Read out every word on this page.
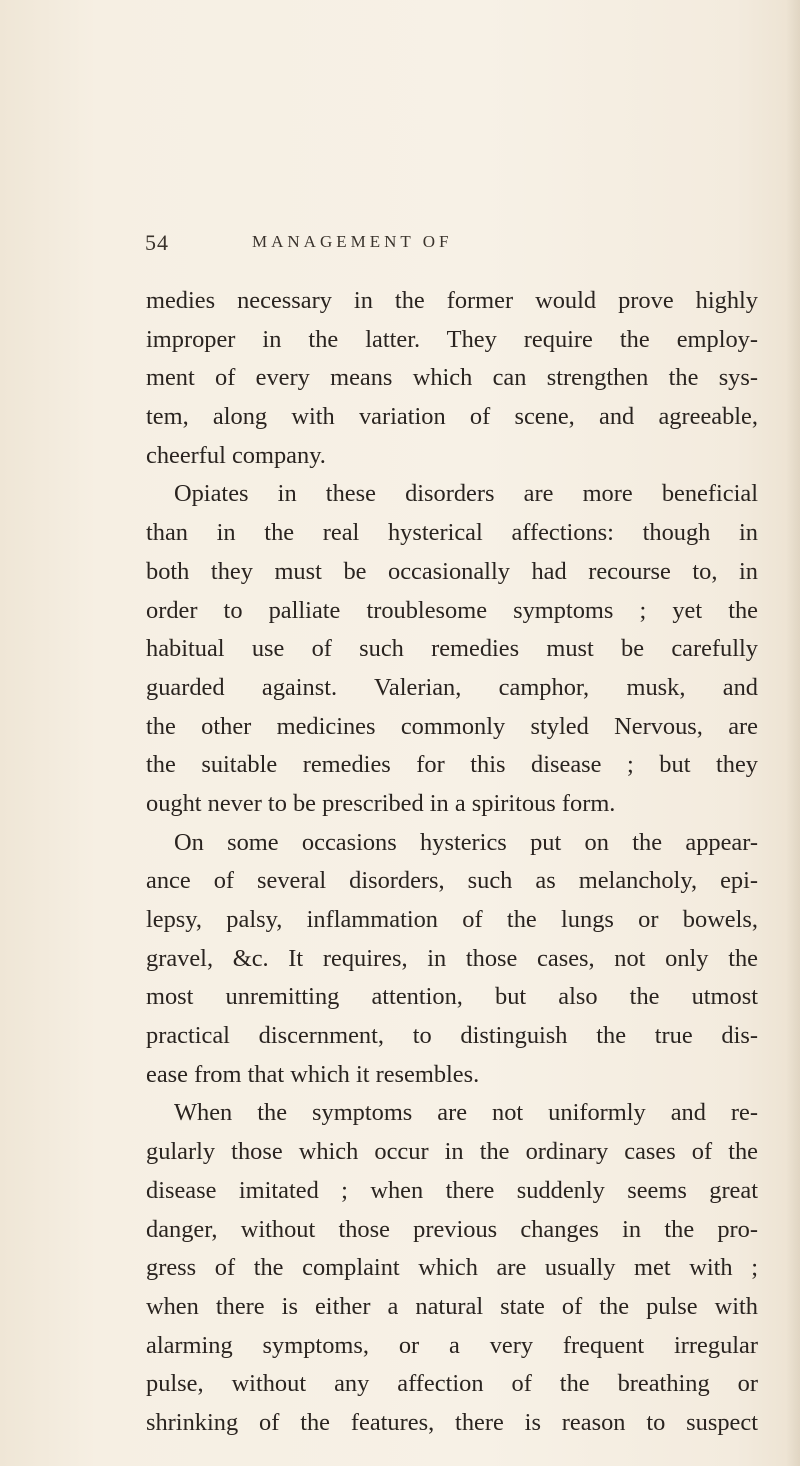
54	MANAGEMENT OF
medies necessary in the former would prove highly
improper in the latter. They require the employ-
ment of every means which can strengthen the sys-
tem, along with variation of scene, and agreeable,
cheerful company.
Opiates in these disorders are more beneficial
than in the real hysterical affections: though in
both they must be occasionally had recourse to, in
order to palliate troublesome symptoms ; yet the
habitual use of such remedies must be carefully
guarded against. Valerian, camphor, musk, and
the other medicines commonly styled Nervous, are
the suitable remedies for this disease ; but they
ought never to be prescribed in a spiritous form.
On some occasions hysterics put on the appear-
ance of several disorders, such as melancholy, epi-
lepsy, palsy, inflammation of the lungs or bowels,
gravel, &c. It requires, in those cases, not only the
most unremitting attention, but also the utmost
practical discernment, to distinguish the true dis-
ease from that which it resembles.
When the symptoms are not uniformly and re-
gularly those which occur in the ordinary cases of the
disease imitated ; when there suddenly seems great
danger, without those previous changes in the pro-
gress of the complaint which are usually met with ;
when there is either a natural state of the pulse with
alarming symptoms, or a very frequent irregular
pulse, without any affection of the breathing or
shrinking of the features, there is reason to suspect
